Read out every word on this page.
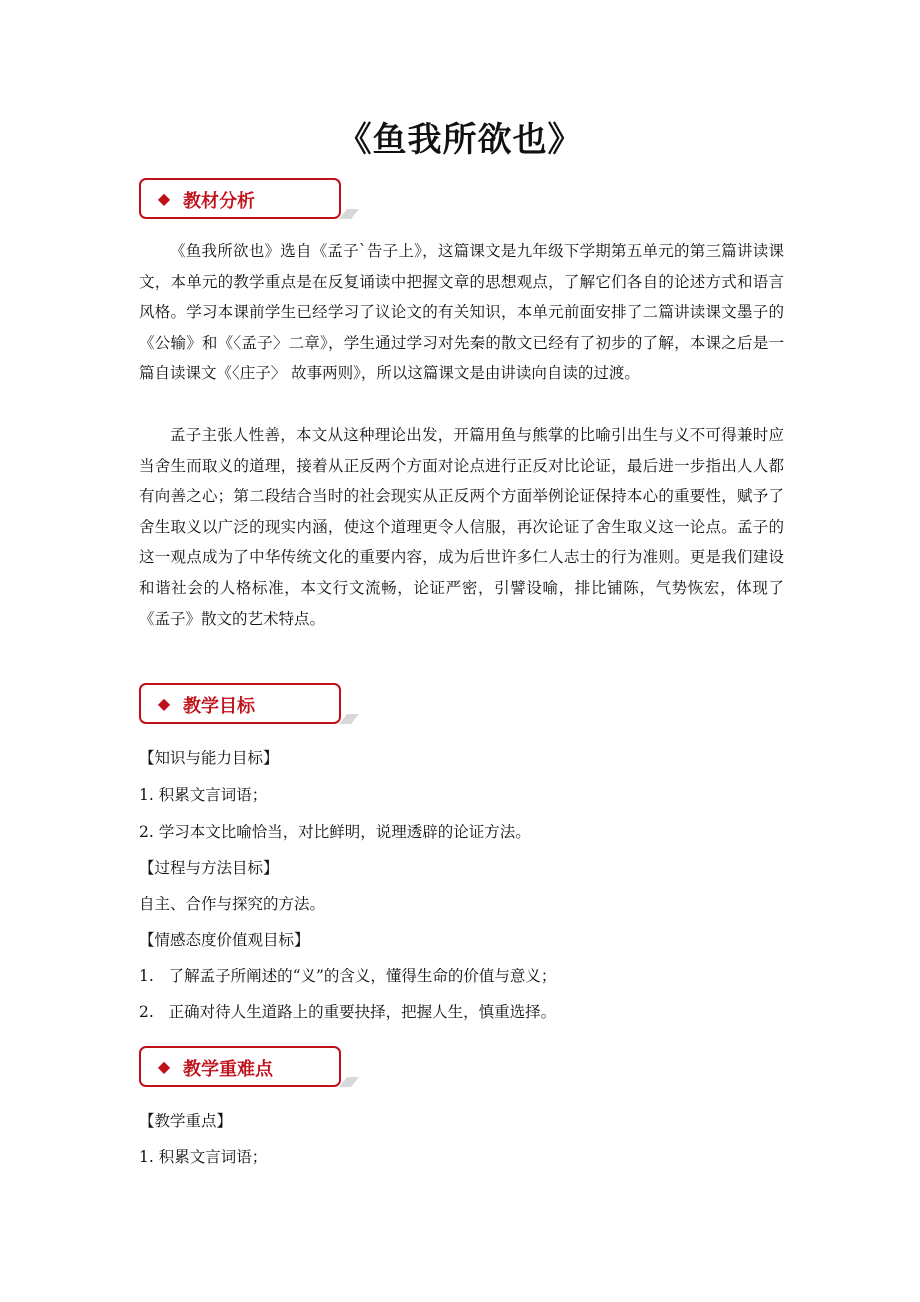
《鱼我所欲也》
◆ 教材分析

《鱼我所欲也》选自《孟子`告子上》，这篇课文是九年级下学期第五单元的第三篇讲读课文，本单元的教学重点是在反复诵读中把握文章的思想观点，了解它们各自的论述方式和语言风格。学习本课前学生已经学习了议论文的有关知识，本单元前面安排了二篇讲读课文墨子的《公输》和《〈孟子〉二章》，学生通过学习对先秦的散文已经有了初步的了解，本课之后是一篇自读课文《〈庄子〉 故事两则》，所以这篇课文是由讲读向自读的过渡。

孟子主张人性善，本文从这种理论出发，开篇用鱼与熊掌的比喻引出生与义不可得兼时应当舍生而取义的道理，接着从正反两个方面对论点进行正反对比论证，最后进一步指出人人都有向善之心；第二段结合当时的社会现实从正反两个方面举例论证保持本心的重要性，赋予了舍生取义以广泛的现实内涵，使这个道理更令人信服，再次论证了舍生取义这一论点。孟子的这一观点成为了中华传统文化的重要内容，成为后世许多仁人志士的行为准则。更是我们建设和谐社会的人格标准，本文行文流畅，论证严密，引譬设喻，排比铺陈，气势恢宏，体现了《孟子》散文的艺术特点。

◆ 教学目标

【知识与能力目标】

1. 积累文言词语；

2. 学习本文比喻恰当，对比鲜明，说理透辟的论证方法。

【过程与方法目标】

自主、合作与探究的方法。

【情感态度价值观目标】

1.   了解孟子所阐述的“义”的含义，懂得生命的价值与意义；

2.   正确对待人生道路上的重要抉择，把握人生，慎重选择。

◆ 教学重难点

【教学重点】

1. 积累文言词语；
